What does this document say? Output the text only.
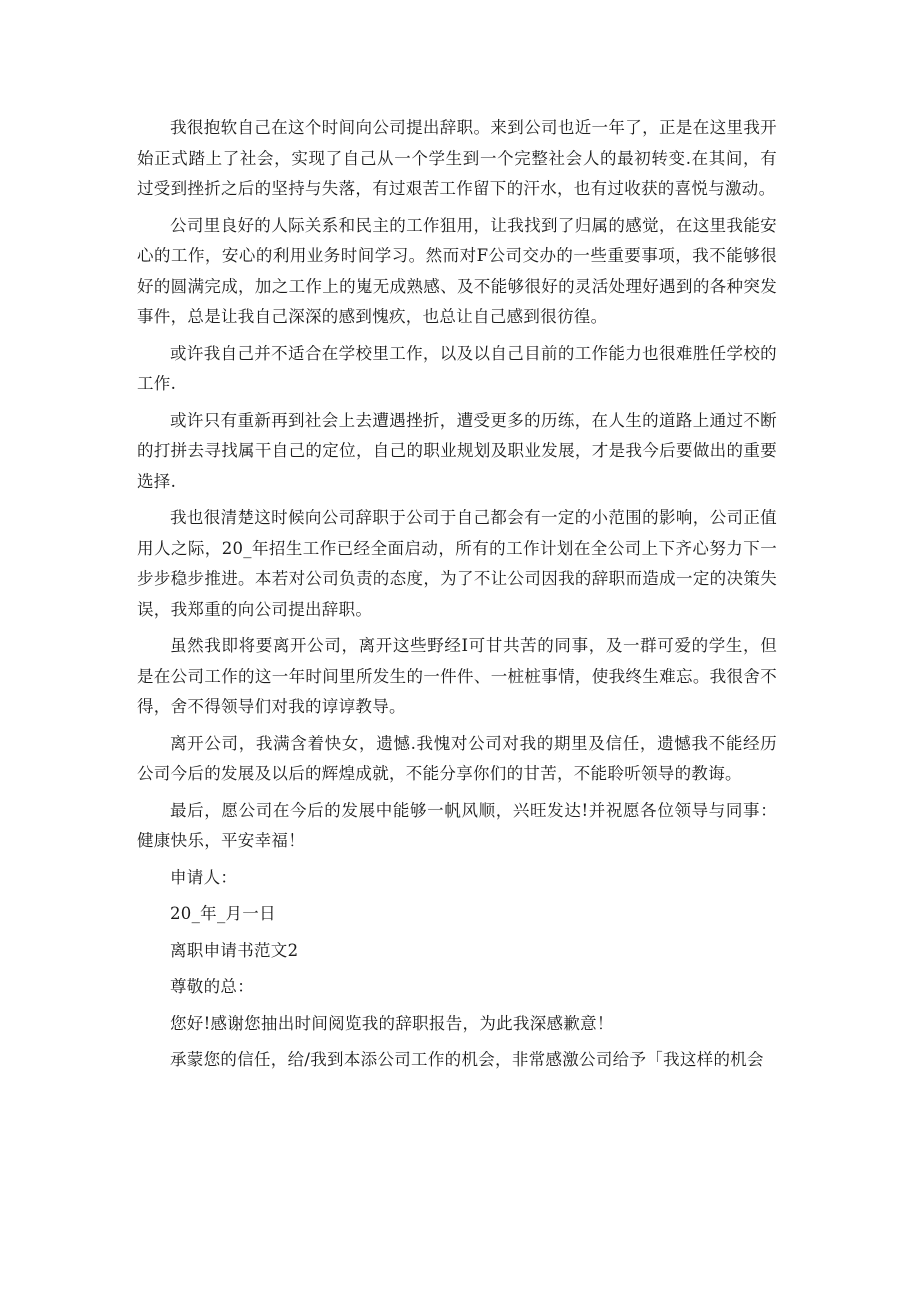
我很抱软自己在这个时间向公司提出辞职。来到公司也近一年了，正是在这里我开始正式踏上了社会，实现了自己从一个学生到一个完整社会人的最初转变.在其间，有过受到挫折之后的坚持与失落，有过艰苦工作留下的汗水，也有过收获的喜悦与激动。

公司里良好的人际关系和民主的工作狙用，让我找到了归属的感觉，在这里我能安心的工作，安心的利用业务时间学习。然而对F公司交办的一些重要事项，我不能够很好的圆满完成，加之工作上的嵬无成熟感、及不能够很好的灵活处理好遇到的各种突发事件，总是让我自己深深的感到愧疚，也总让自己感到很彷徨。

或许我自己并不适合在学校里工作，以及以自己目前的工作能力也很难胜任学校的工作.

或许只有重新再到社会上去遭遇挫折，遭受更多的历练，在人生的道路上通过不断的打拼去寻找属干自己的定位，自己的职业规划及职业发展，才是我今后要做出的重要选择.

我也很清楚这时候向公司辞职于公司于自己都会有一定的小范围的影响，公司正值用人之际，20_年招生工作已经全面启动，所有的工作计划在全公司上下齐心努力下一步步稳步推进。本若对公司负责的态度，为了不让公司因我的辞职而造成一定的决策失误，我郑重的向公司提出辞职。

虽然我即将要离开公司，离开这些野经I可甘共苦的同事，及一群可爱的学生，但是在公司工作的这一年时间里所发生的一件件、一桩桩事情，使我终生难忘。我很舍不得，舍不得领导们对我的谆谆教导。

离开公司，我满含着快女，遗憾.我愧对公司对我的期里及信任，遗憾我不能经历公司今后的发展及以后的辉煌成就，不能分享你们的甘苦，不能聆听领导的教诲。

最后，愿公司在今后的发展中能够一帆风顺，兴旺发达!并祝愿各位领导与同事：健康快乐，平安幸福！

申请人：

20_年_月一日

离职申请书范文2

尊敬的总：

您好!感谢您抽出时间阅览我的辞职报告，为此我深感歉意！

承蒙您的信任，给/我到本添公司工作的机会，非常感激公司给予「我这样的机会
